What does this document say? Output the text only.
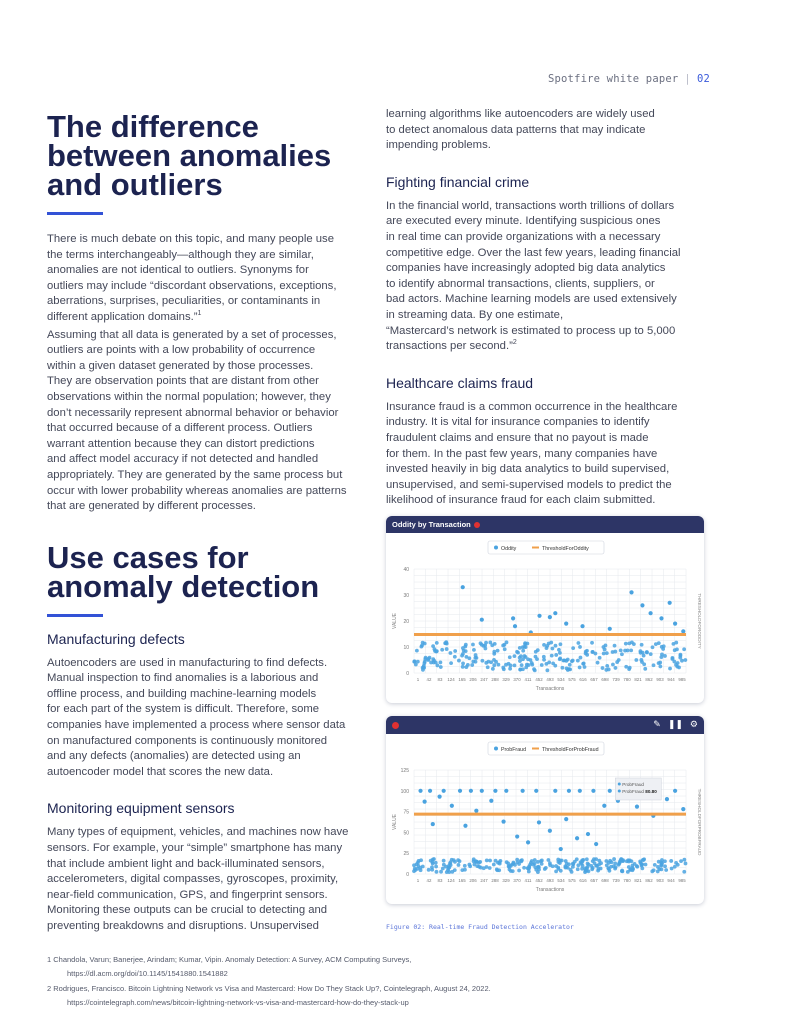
Spotfire white paper | 02
The difference
between anomalies
and outliers

There is much debate on this topic, and many people use
the terms interchangeably—although they are similar,
anomalies are not identical to outliers. Synonyms for
outliers may include “discordant observations, exceptions,
aberrations, surprises, peculiarities, or contaminants in
different application domains.”$^1$

Assuming that all data is generated by a set of processes,
outliers are points with a low probability of occurrence
within a given dataset generated by those processes.
They are observation points that are distant from other
observations within the normal population; however, they
don’t necessarily represent abnormal behavior or behavior
that occurred because of a different process. Outliers
warrant attention because they can distort predictions
and affect model accuracy if not detected and handled
appropriately. They are generated by the same process but
occur with lower probability whereas anomalies are patterns
that are generated by different processes.

Use cases for
anomaly detection
Manufacturing defects

Autoencoders are used in manufacturing to find defects.
Manual inspection to find anomalies is a laborious and
offline process, and building machine-learning models
for each part of the system is difficult. Therefore, some
companies have implemented a process where sensor data
on manufactured components is continuously monitored
and any defects (anomalies) are detected using an
autoencoder model that scores the new data.

Monitoring equipment sensors

Many types of equipment, vehicles, and machines now have
sensors. For example, your “simple” smartphone has many
that include ambient light and back-illuminated sensors,
accelerometers, digital compasses, gyroscopes, proximity,
near-field communication, GPS, and fingerprint sensors.
Monitoring these outputs can be crucial to detecting and
preventing breakdowns and disruptions. Unsupervised

learning algorithms like autoencoders are widely used
to detect anomalous data patterns that may indicate
impending problems.

Fighting financial crime

In the financial world, transactions worth trillions of dollars
are executed every minute. Identifying suspicious ones
in real time can provide organizations with a necessary
competitive edge. Over the last few years, leading financial
companies have increasingly adopted big data analytics
to identify abnormal transactions, clients, suppliers, or
bad actors. Machine learning models are used extensively
in streaming data. By one estimate,
“Mastercard’s network is estimated to process up to 5,000
transactions per second.”$^2$

Healthcare claims fraud

Insurance fraud is a common occurrence in the healthcare
industry. It is vital for insurance companies to identify
fraudulent claims and ensure that no payout is made
for them. In the past few years, many companies have
invested heavily in big data analytics to build supervised,
unsupervised, and semi-supervised models to predict the
likelihood of insurance fraud for each claim submitted.

Oddity by Transaction
Oddity	ThresholdForOddity
0
10
20
30
40
1 42 83 124 165 206 247 288 329 370 411 452 493 534 575 616 657 698 739 780 821 862 903 944 985
VALUE	THRESHOLDFORODDITY
Transactions
✎ ❚❚ ⚙
ProbFraud	ThresholdForProbFraud
0
25
50
75
100
125
1 42 83 124 165 206 247 288 329 370 411 452 493 534 575 616 657 698 739 780 821 862 903 944 985
VALUE	THRESHOLDFORPROBFRAUD
Transactions
ProbFraud
ProbFraud 80.80
Figure 02: Real-time Fraud Detection Accelerator
1 Chandola, Varun; Banerjee, Arindam; Kumar, Vipin. Anomaly Detection: A Survey, ACM Computing Surveys,
https://dl.acm.org/doi/10.1145/1541880.1541882
2 Rodrigues, Francisco. Bitcoin Lightning Network vs Visa and Mastercard: How Do They Stack Up?, Cointelegraph, August 24, 2022.
https://cointelegraph.com/news/bitcoin-lightning-network-vs-visa-and-mastercard-how-do-they-stack-up
